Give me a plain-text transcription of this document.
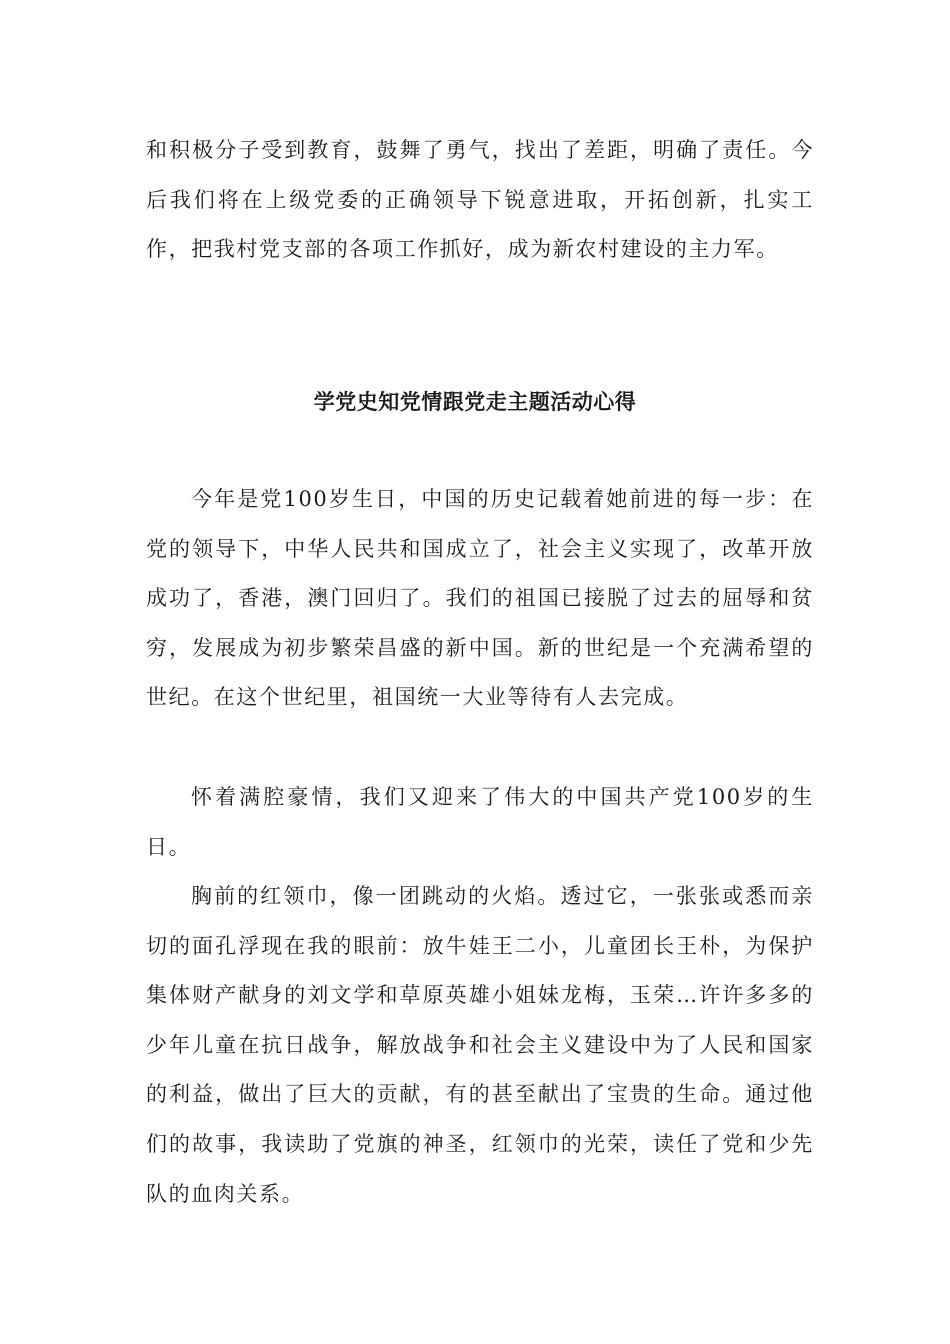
和积极分子受到教育，鼓舞了勇气，找出了差距，明确了责任。今后我们将在上级党委的正确领导下锐意进取，开拓创新，扎实工作，把我村党支部的各项工作抓好，成为新农村建设的主力军。

学党史知党情跟党走主题活动心得

今年是党100岁生日，中国的历史记载着她前进的每一步：在党的领导下，中华人民共和国成立了，社会主义实现了，改革开放成功了，香港，澳门回归了。我们的祖国已接脱了过去的屈辱和贫穷，发展成为初步繁荣昌盛的新中国。新的世纪是一个充满希望的世纪。在这个世纪里，祖国统一大业等待有人去完成。

怀着满腔豪情，我们又迎来了伟大的中国共产党100岁的生日。

胸前的红领巾，像一团跳动的火焰。透过它，一张张或悉而亲切的面孔浮现在我的眼前：放牛娃王二小，儿童团长王朴，为保护集体财产献身的刘文学和草原英雄小姐妹龙梅，玉荣…许许多多的少年儿童在抗日战争，解放战争和社会主义建设中为了人民和国家的利益，做出了巨大的贡献，有的甚至献出了宝贵的生命。通过他们的故事，我读助了党旗的神圣，红领巾的光荣，读任了党和少先队的血肉关系。
